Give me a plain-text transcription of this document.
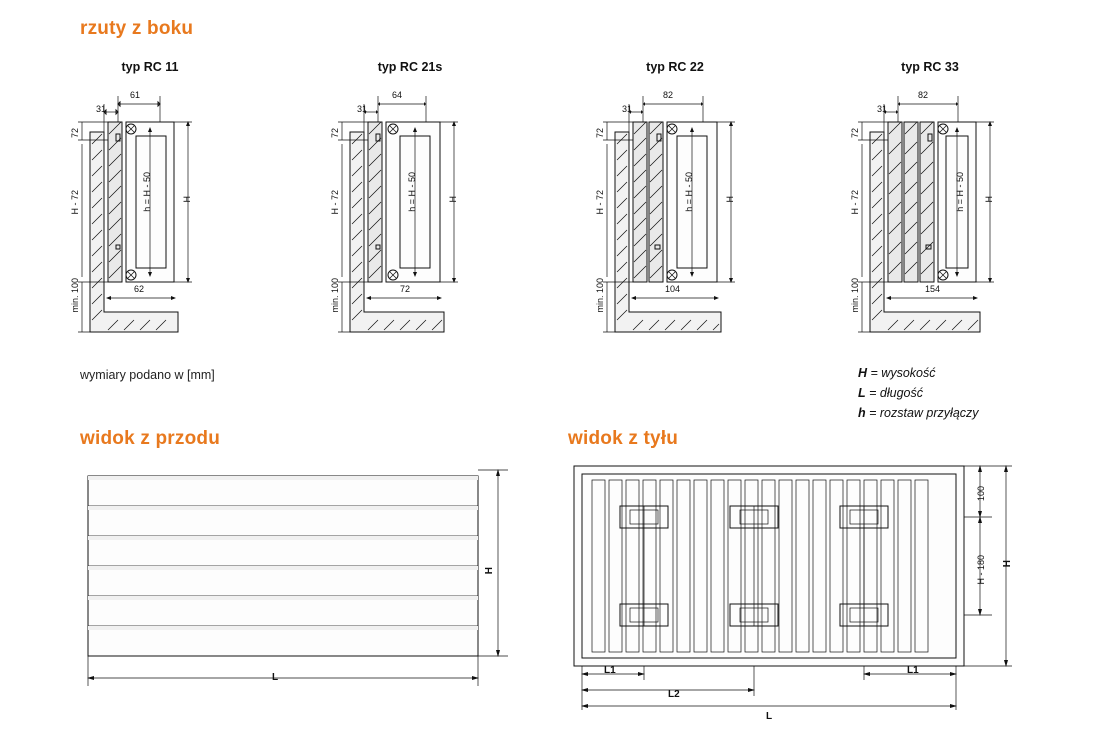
rzuty z boku
typ RC 11
31
61
72
H - 72
min. 100
h = H - 50	H
62
typ RC 21s
31
64
72
H - 72
min. 100
h = H - 50	H
72
typ RC 22
31
82
72
H - 72
min. 100
h = H - 50	H
104
typ RC 33
31
82
72
H - 72
min. 100
h = H - 50 H
154
wymiary podano w [mm]	H = wysokość
L = długość
h = rozstaw przyłączy
widok z przodu
H
L
widok z tyłu
100
H - 180 H
L1	L1
L2
L
